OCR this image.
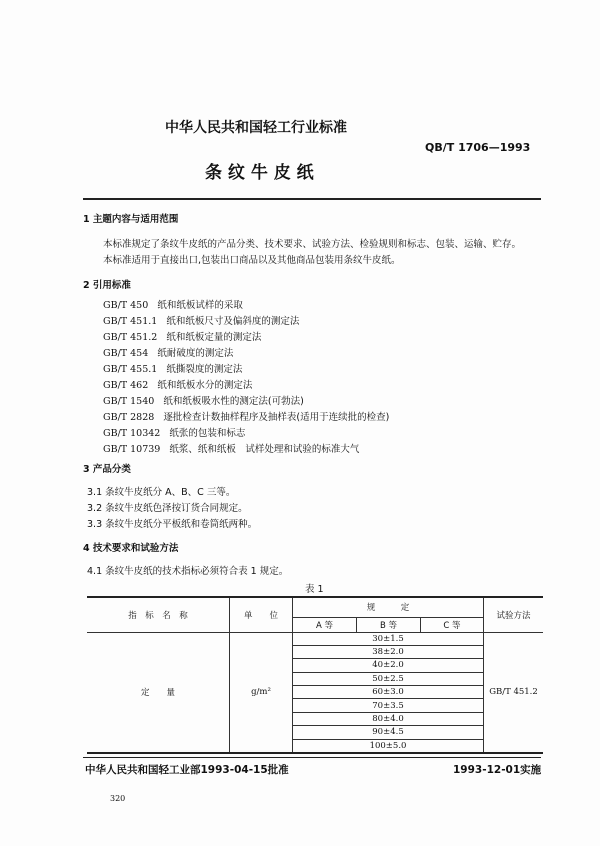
中华人民共和国轻工行业标准
QB/T 1706—1993
条 纹 牛 皮 纸
1 主题内容与适用范围
本标准规定了条纹牛皮纸的产品分类、技术要求、试验方法、检验规则和标志、包装、运输、贮存。
本标准适用于直接出口,包装出口商品以及其他商品包装用条纹牛皮纸。
2 引用标准
GB/T 450 纸和纸板试样的采取
GB/T 451.1 纸和纸板尺寸及偏斜度的测定法
GB/T 451.2 纸和纸板定量的测定法
GB/T 454 纸耐破度的测定法
GB/T 455.1 纸撕裂度的测定法
GB/T 462 纸和纸板水分的测定法
GB/T 1540 纸和纸板吸水性的测定法(可勃法)
GB/T 2828 逐批检查计数抽样程序及抽样表(适用于连续批的检查)
GB/T 10342 纸张的包装和标志
GB/T 10739 纸浆、纸和纸板　试样处理和试验的标准大气
3 产品分类
3.1 条纹牛皮纸分 A、B、C 三等。
3.2 条纹牛皮纸色泽按订货合同规定。
3.3 条纹牛皮纸分平板纸和卷筒纸两种。
4 技术要求和试验方法
4.1 条纹牛皮纸的技术指标必须符合表 1 规定。
表 1
指　标　名　称	单　　位	规　　　定			试验方法
		A 等	B 等	C 等	
定　　量	g/m²	30±1.5			GB/T 451.2
		38±2.0			
		40±2.0			
		50±2.5			
		60±3.0			
		70±3.5			
		80±4.0			
		90±4.5			
		100±5.0			
中华人民共和国轻工业部1993-04-15批准	1993-12-01实施
320
